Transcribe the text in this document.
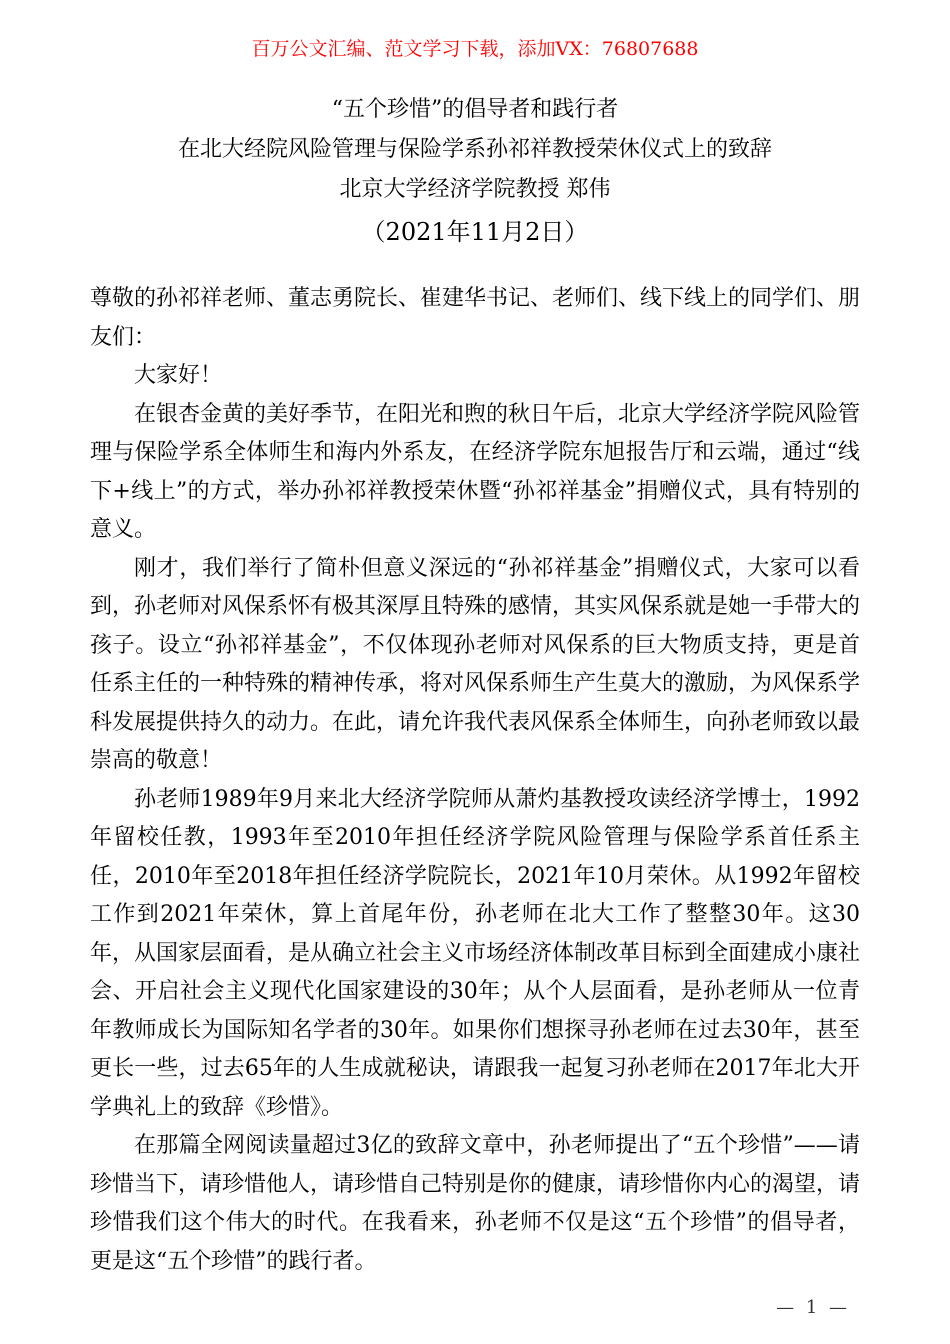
百万公文汇编、范文学习下载，添加VX：76807688

“五个珍惜”的倡导者和践行者

在北大经院风险管理与保险学系孙祁祥教授荣休仪式上的致辞

北京大学经济学院教授 郑伟

（2021年11月2日）

尊敬的孙祁祥老师、董志勇院长、崔建华书记、老师们、线下线上的同学们、朋友们：

大家好！

在银杏金黄的美好季节，在阳光和煦的秋日午后，北京大学经济学院风险管理与保险学系全体师生和海内外系友，在经济学院东旭报告厅和云端，通过“线下+线上”的方式，举办孙祁祥教授荣休暨“孙祁祥基金”捐赠仪式，具有特别的意义。

刚才，我们举行了简朴但意义深远的“孙祁祥基金”捐赠仪式，大家可以看到，孙老师对风保系怀有极其深厚且特殊的感情，其实风保系就是她一手带大的孩子。设立“孙祁祥基金”，不仅体现孙老师对风保系的巨大物质支持，更是首任系主任的一种特殊的精神传承，将对风保系师生产生莫大的激励，为风保系学科发展提供持久的动力。在此，请允许我代表风保系全体师生，向孙老师致以最崇高的敬意！

孙老师1989年9月来北大经济学院师从萧灼基教授攻读经济学博士，1992年留校任教，1993年至2010年担任经济学院风险管理与保险学系首任系主任，2010年至2018年担任经济学院院长，2021年10月荣休。从1992年留校工作到2021年荣休，算上首尾年份，孙老师在北大工作了整整30年。这30年，从国家层面看，是从确立社会主义市场经济体制改革目标到全面建成小康社会、开启社会主义现代化国家建设的30年；从个人层面看，是孙老师从一位青年教师成长为国际知名学者的30年。如果你们想探寻孙老师在过去30年，甚至更长一些，过去65年的人生成就秘诀，请跟我一起复习孙老师在2017年北大开学典礼上的致辞《珍惜》。

在那篇全网阅读量超过3亿的致辞文章中，孙老师提出了“五个珍惜”——请珍惜当下，请珍惜他人，请珍惜自己特别是你的健康，请珍惜你内心的渴望，请珍惜我们这个伟大的时代。在我看来，孙老师不仅是这“五个珍惜”的倡导者，更是这“五个珍惜”的践行者。

— 1 —
